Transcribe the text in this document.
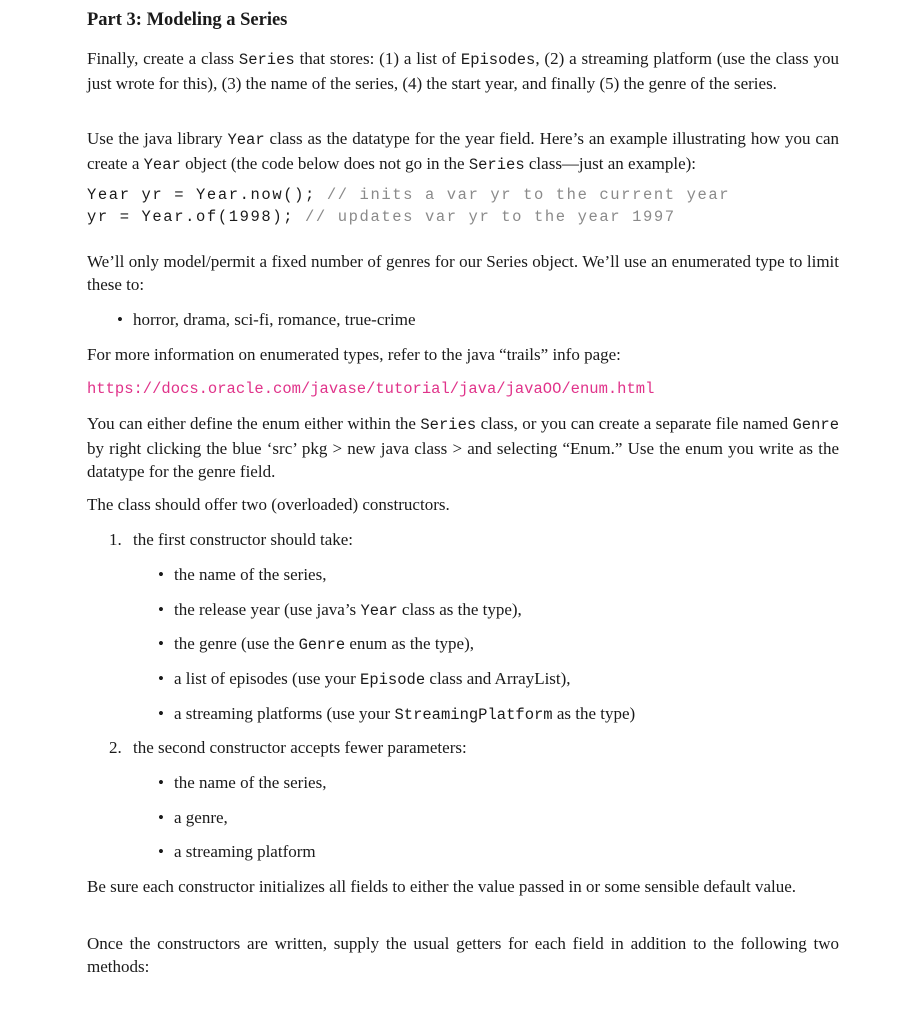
Part 3: Modeling a Series

Finally, create a class Series that stores: (1) a list of Episodes, (2) a streaming platform (use the class you just wrote for this), (3) the name of the series, (4) the start year, and finally (5) the genre of the series.

Use the java library Year class as the datatype for the year field. Here’s an example illustrating how you can create a Year object (the code below does not go in the Series class—just an example):

Year yr = Year.now(); // inits a var yr to the current year
yr = Year.of(1998); // updates var yr to the year 1997

We’ll only model/permit a fixed number of genres for our Series object. We’ll use an enumerated type to limit these to:

• horror, drama, sci-fi, romance, true-crime

For more information on enumerated types, refer to the java “trails” info page:

https://docs.oracle.com/javase/tutorial/java/javaOO/enum.html

You can either define the enum either within the Series class, or you can create a separate file named Genre by right clicking the blue ‘src’ pkg > new java class > and selecting “Enum.” Use the enum you write as the datatype for the genre field.

The class should offer two (overloaded) constructors.

1. the first constructor should take:

• the name of the series,

• the release year (use java’s Year class as the type),

• the genre (use the Genre enum as the type),

• a list of episodes (use your Episode class and ArrayList),

• a streaming platforms (use your StreamingPlatform as the type)

2. the second constructor accepts fewer parameters:

• the name of the series,

• a genre,

• a streaming platform

Be sure each constructor initializes all fields to either the value passed in or some sensible default value.

Once the constructors are written, supply the usual getters for each field in addition to the following two methods:
